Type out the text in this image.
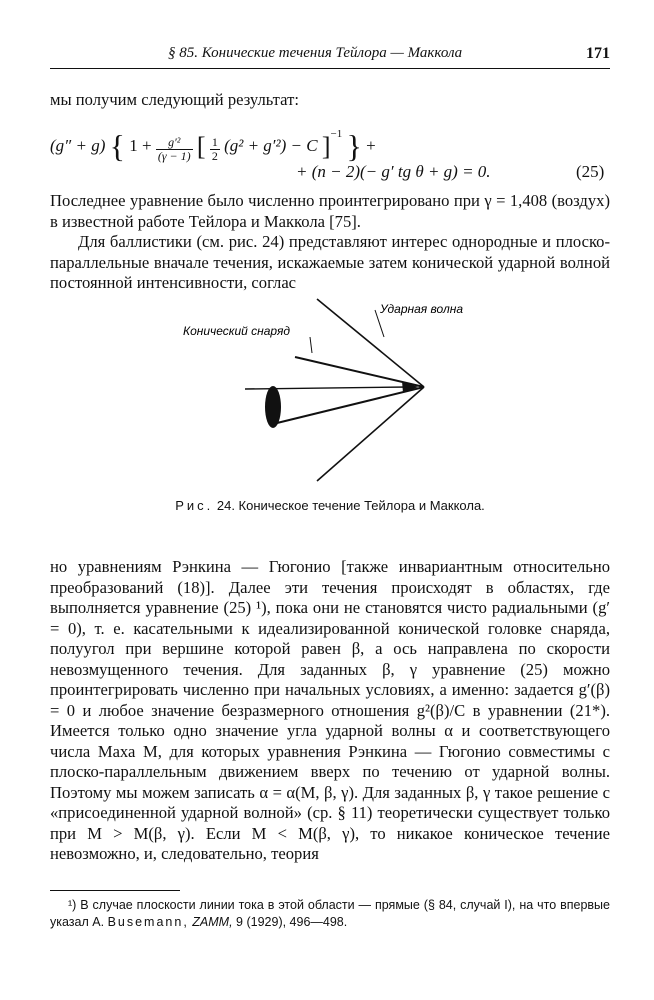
§ 85. Конические течения Тейлора — Маккола	171

мы получим следующий результат:

(g″ + g) { $1 + \frac{\text{g′²}}{(\gamma - 1)}$ [ $\frac{1}{2} (g^2 + g'^2) - C$ ]$^{-1}$ } +
+ (n − 2)(− g′ tg θ + g) = 0.	(25)

Последнее уравнение было численно проинтегрировано при γ = 1,408 (воздух) в известной работе Тейлора и Маккола [75].

Для баллистики (см. рис. 24) представляют интерес однородные и плоско-параллельные вначале течения, искажаемые затем конической ударной волной постоянной интенсивности, соглас

Ударная волна
Конический снаряд
Рис. 24. Коническое течение Тейлора и Маккола.

но уравнениям Рэнкина — Гюгонио [также инвариантным относительно преобразований (18)]. Далее эти течения происходят в областях, где выполняется уравнение (25) ¹), пока они не становятся чисто радиальными (g′ = 0), т. е. касательными к идеализированной конической головке снаряда, полуугол при вершине которой равен β, а ось направлена по скорости невозмущенного течения. Для заданных β, γ уравнение (25) можно проинтегрировать численно при начальных условиях, а именно: задается g′(β) = 0 и любое значение безразмерного отношения g²(β)/C в уравнении (21*). Имеется только одно значение угла ударной волны α и соответствующего числа Маха M, для которых уравнения Рэнкина — Гюгонио совместимы с плоско-параллельным движением вверх по течению от ударной волны. Поэтому мы можем записать α = α(M, β, γ). Для заданных β, γ такое решение с «присоединенной ударной волной» (ср. § 11) теоретически существует только при M > M(β, γ). Если M < M(β, γ), то никакое коническое течение невозможно, и, следовательно, теория

¹) В случае плоскости линии тока в этой области — прямые (§ 84, случай I), на что впервые указал А. Busemann, ZAMM, 9 (1929), 496—498.
